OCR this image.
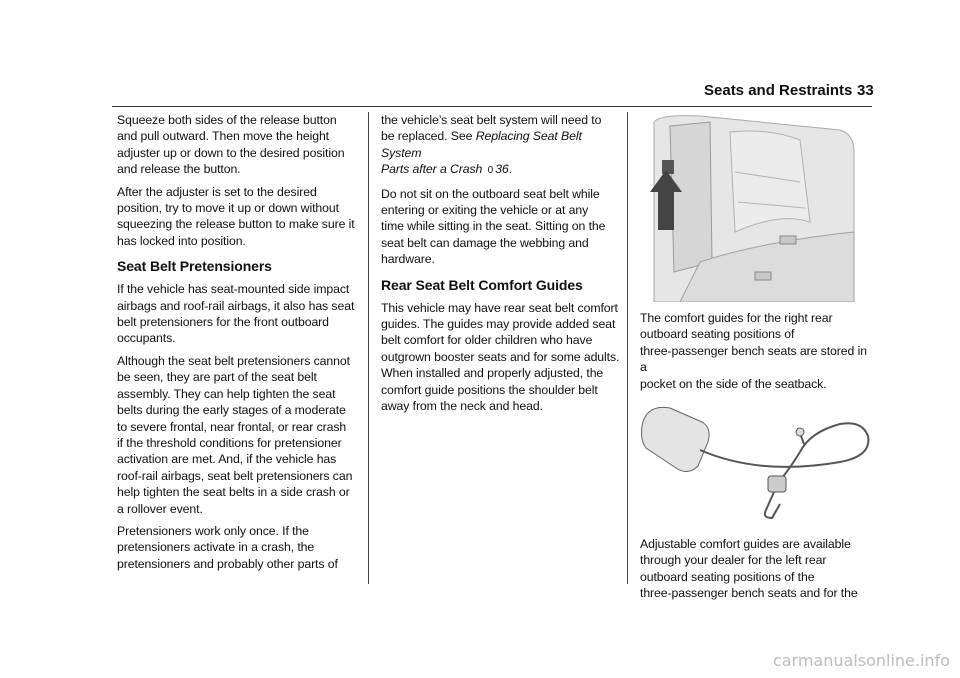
Seats and Restraints 33

Squeeze both sides of the release button
and pull outward. Then move the height
adjuster up or down to the desired position
and release the button.

After the adjuster is set to the desired
position, try to move it up or down without
squeezing the release button to make sure it
has locked into position.

Seat Belt Pretensioners

If the vehicle has seat-mounted side impact
airbags and roof-rail airbags, it also has seat
belt pretensioners for the front outboard
occupants.

Although the seat belt pretensioners cannot
be seen, they are part of the seat belt
assembly. They can help tighten the seat
belts during the early stages of a moderate
to severe frontal, near frontal, or rear crash
if the threshold conditions for pretensioner
activation are met. And, if the vehicle has
roof-rail airbags, seat belt pretensioners can
help tighten the seat belts in a side crash or
a rollover event.

Pretensioners work only once. If the
pretensioners activate in a crash, the
pretensioners and probably other parts of

the vehicle’s seat belt system will need to
be replaced. See Replacing Seat Belt System
Parts after a Crash 0 36.

Do not sit on the outboard seat belt while
entering or exiting the vehicle or at any
time while sitting in the seat. Sitting on the
seat belt can damage the webbing and
hardware.

Rear Seat Belt Comfort Guides

This vehicle may have rear seat belt comfort
guides. The guides may provide added seat
belt comfort for older children who have
outgrown booster seats and for some adults.
When installed and properly adjusted, the
comfort guide positions the shoulder belt
away from the neck and head.

The comfort guides for the right rear
outboard seating positions of
three-passenger bench seats are stored in a
pocket on the side of the seatback.

Adjustable comfort guides are available
through your dealer for the left rear
outboard seating positions of the
three-passenger bench seats and for the

carmanualsonline.info
